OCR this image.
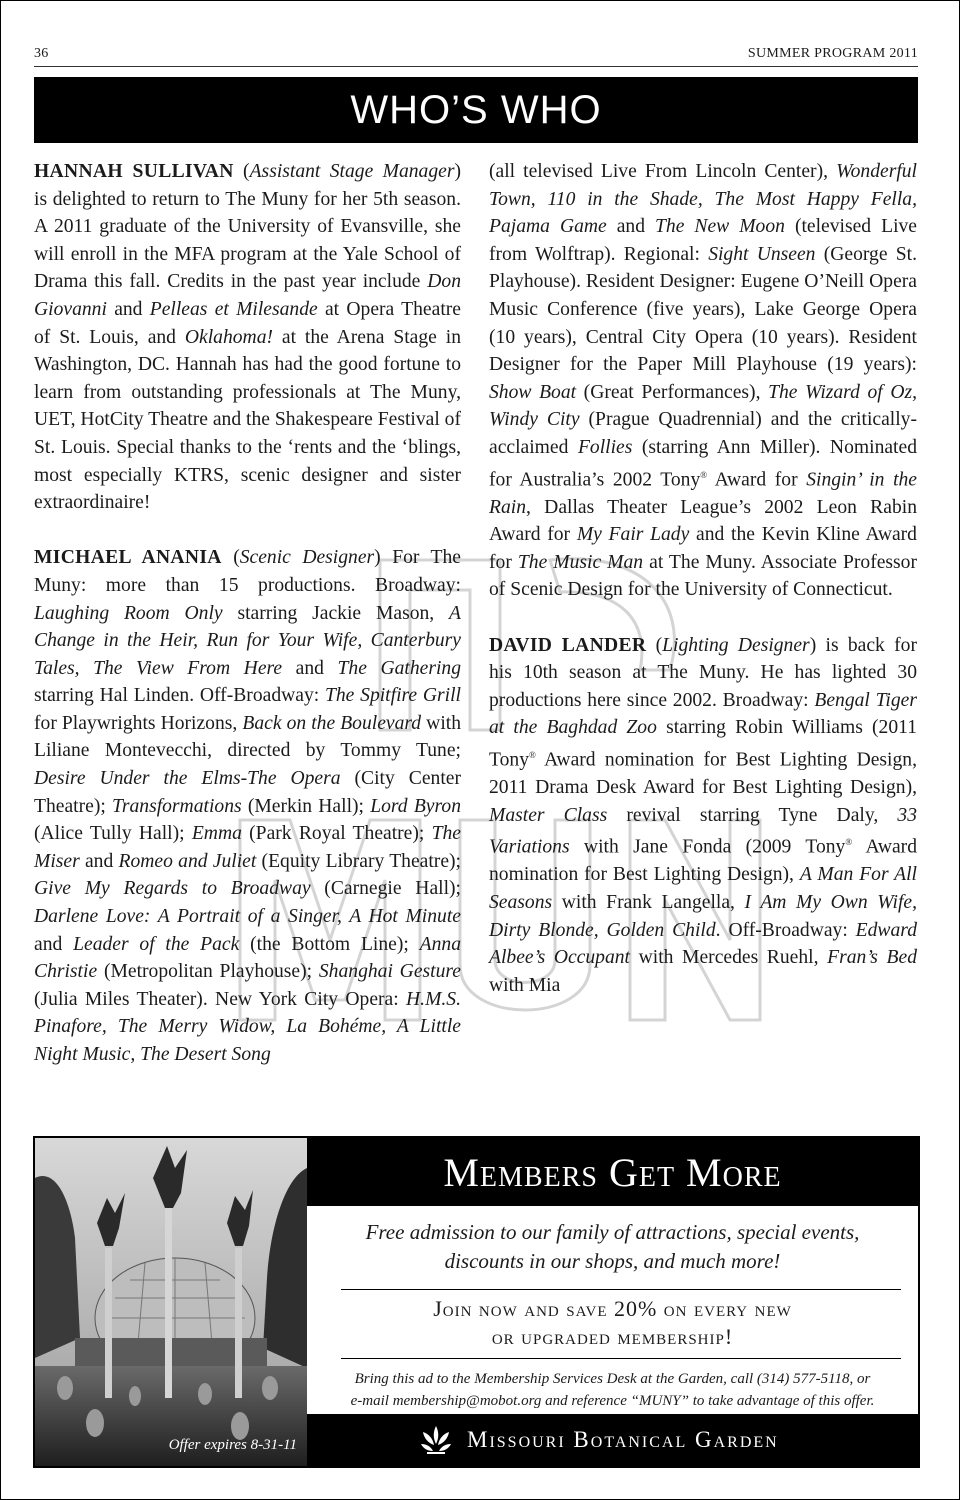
36	SUMMER PROGRAM 2011
WHO’S WHO

HANNAH SULLIVAN (Assistant Stage Manager) is delighted to return to The Muny for her 5th season. A 2011 graduate of the University of Evansville, she will enroll in the MFA program at the Yale School of Drama this fall. Credits in the past year include Don Giovanni and Pelleas et Milesande at Opera Theatre of St. Louis, and Oklahoma! at the Arena Stage in Washington, DC. Hannah has had the good fortune to learn from outstanding professionals at The Muny, UET, HotCity Theatre and the Shakespeare Festival of St. Louis. Special thanks to the ‘rents and the ‘blings, most especially KTRS, scenic designer and sister extraordinaire!

MICHAEL ANANIA (Scenic Designer) For The Muny: more than 15 productions. Broadway: Laughing Room Only starring Jackie Mason, A Change in the Heir, Run for Your Wife, Canterbury Tales, The View From Here and The Gathering starring Hal Linden. Off-Broadway: The Spitfire Grill for Playwrights Horizons, Back on the Boulevard with Liliane Montevecchi, directed by Tommy Tune; Desire Under the Elms-The Opera (City Center Theatre); Transformations (Merkin Hall); Lord Byron (Alice Tully Hall); Emma (Park Royal Theatre); The Miser and Romeo and Juliet (Equity Library Theatre); Give My Regards to Broadway (Carnegie Hall); Darlene Love: A Portrait of a Singer, A Hot Minute and Leader of the Pack (the Bottom Line); Anna Christie (Metropolitan Playhouse); Shanghai Gesture (Julia Miles Theater). New York City Opera: H.M.S. Pinafore, The Merry Widow, La Bohéme, A Little Night Music, The Desert Song

(all televised Live From Lincoln Center), Wonderful Town, 110 in the Shade, The Most Happy Fella, Pajama Game and The New Moon (televised Live from Wolftrap). Regional: Sight Unseen (George St. Playhouse). Resident Designer: Eugene O’Neill Opera Music Conference (five years), Lake George Opera (10 years), Central City Opera (10 years). Resident Designer for the Paper Mill Playhouse (19 years): Show Boat (Great Performances), The Wizard of Oz, Windy City (Prague Quadrennial) and the critically-acclaimed Follies (starring Ann Miller). Nominated for Australia’s 2002 Tony® Award for Singin’ in the Rain, Dallas Theater League’s 2002 Leon Rabin Award for My Fair Lady and the Kevin Kline Award for The Music Man at The Muny. Associate Professor of Scenic Design for the University of Connecticut.

DAVID LANDER (Lighting Designer) is back for his 10th season at The Muny. He has lighted 30 productions here since 2002. Broadway: Bengal Tiger at the Baghdad Zoo starring Robin Williams (2011 Tony® Award nomination for Best Lighting Design, 2011 Drama Desk Award for Best Lighting Design), Master Class revival starring Tyne Daly, 33 Variations with Jane Fonda (2009 Tony® Award nomination for Best Lighting Design), A Man For All Seasons with Frank Langella, I Am My Own Wife, Dirty Blonde, Golden Child. Off-Broadway: Edward Albee’s Occupant with Mercedes Ruehl, Fran’s Bed with Mia

Offer expires 8-31-11
Members Get More
Free admission to our family of attractions, special events,
discounts in our shops, and much more!
Join now and save 20% on every new
or upgraded membership!
Bring this ad to the Membership Services Desk at the Garden, call (314) 577-5118, or
e-mail membership@mobot.org and reference “MUNY” to take advantage of this offer.
Missouri Botanical Garden
